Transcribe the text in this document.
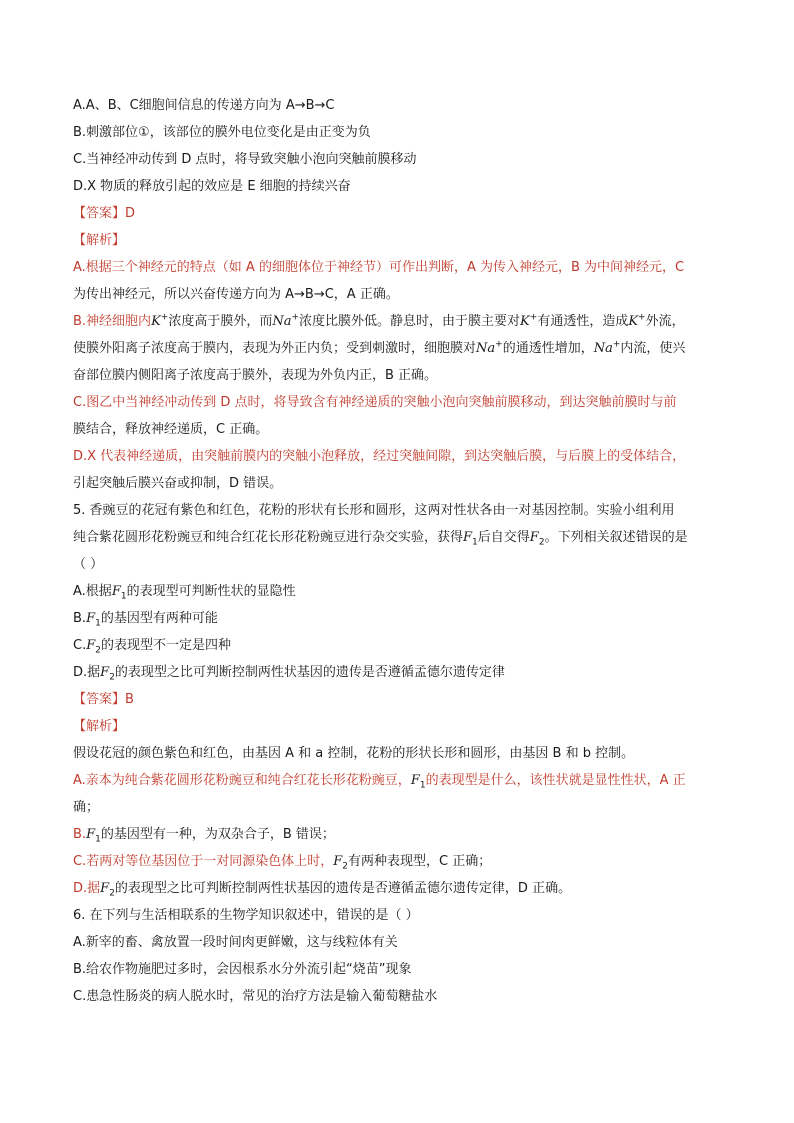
A.A、B、C细胞间信息的传递方向为 A→B→C
B.刺激部位①，该部位的膜外电位变化是由正变为负
C.当神经冲动传到 D 点时，将导致突触小泡向突触前膜移动
D.X 物质的释放引起的效应是 E 细胞的持续兴奋
【答案】D
【解析】
A.根据三个神经元的特点（如 A 的细胞体位于神经节）可作出判断，A 为传入神经元，B 为中间神经元，C
为传出神经元，所以兴奋传递方向为 A→B→C，A 正确。
B.神经细胞内K+浓度高于膜外，而Na+浓度比膜外低。静息时，由于膜主要对K+有通透性，造成K+外流，
使膜外阳离子浓度高于膜内，表现为外正内负；受到刺激时，细胞膜对Na+的通透性增加，Na+内流，使兴
奋部位膜内侧阳离子浓度高于膜外，表现为外负内正，B 正确。
C.图乙中当神经冲动传到 D 点时，将导致含有神经递质的突触小泡向突触前膜移动，到达突触前膜时与前
膜结合，释放神经递质，C 正确。
D.X 代表神经递质，由突触前膜内的突触小泡释放，经过突触间隙，到达突触后膜，与后膜上的受体结合，
引起突触后膜兴奋或抑制，D 错误。
5. 香豌豆的花冠有紫色和红色，花粉的形状有长形和圆形，这两对性状各由一对基因控制。实验小组利用
纯合紫花圆形花粉豌豆和纯合红花长形花粉豌豆进行杂交实验，获得$F_1$后自交得$F_2$。下列相关叙述错误的是
（ ）
A.根据$F_1$的表现型可判断性状的显隐性
$B.F_1$的基因型有两种可能
$C.F_2$的表现型不一定是四种
D.据$F_2$的表现型之比可判断控制两性状基因的遗传是否遵循孟德尔遗传定律
【答案】B
【解析】
假设花冠的颜色紫色和红色，由基因 A 和 a 控制，花粉的形状长形和圆形，由基因 B 和 b 控制。
A.亲本为纯合紫花圆形花粉豌豆和纯合红花长形花粉豌豆，$F_1$的表现型是什么，该性状就是显性性状，A 正
确；
$B.F_1$的基因型有一种，为双杂合子，B 错误；
C.若两对等位基因位于一对同源染色体上时，$F_2$有两种表现型，C 正确；
D.据$F_2$的表现型之比可判断控制两性状基因的遗传是否遵循孟德尔遗传定律，D 正确。
6. 在下列与生活相联系的生物学知识叙述中，错误的是（ ）
A.新宰的畜、禽放置一段时间肉更鲜嫩，这与线粒体有关
B.给农作物施肥过多时，会因根系水分外流引起“烧苗”现象
C.患急性肠炎的病人脱水时，常见的治疗方法是输入葡萄糖盐水
